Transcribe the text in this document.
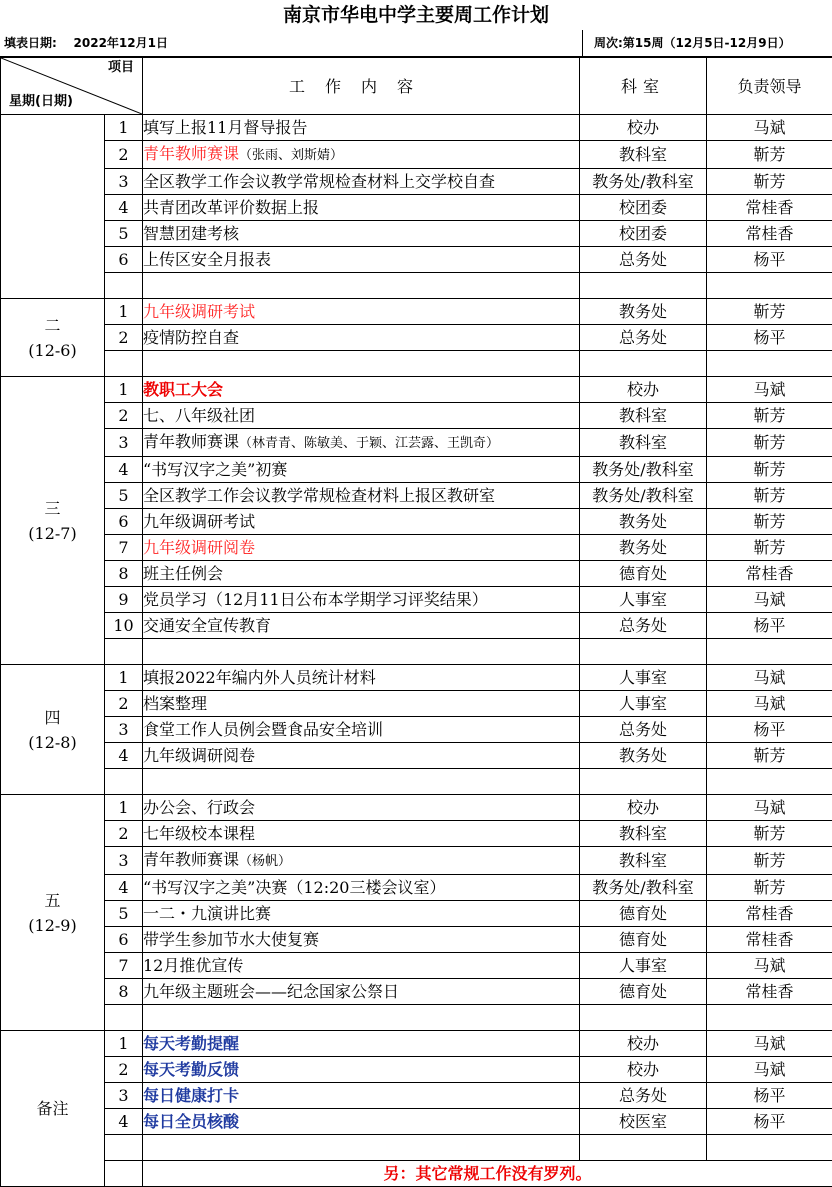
南京市华电中学主要周工作计划
填表日期: 2022年12月1日	周次:第15周（12月5日-12月9日）
项目
星期(日期)		工作内容	科室	负责领导
	1	填写上报11月督导报告	校办	马斌
	2	青年教师赛课（张雨、刘斯婧）	教科室	靳芳
	3	全区教学工作会议教学常规检查材料上交学校自查	教务处/教科室	靳芳
	4	共青团改革评价数据上报	校团委	常桂香
	5	智慧团建考核	校团委	常桂香
	6	上传区安全月报表	总务处	杨平

二
(12-6)	1	九年级调研考试	教务处	靳芳
	2	疫情防控自查	总务处	杨平

三
(12-7)	1	教职工大会	校办	马斌
	2	七、八年级社团	教科室	靳芳
	3	青年教师赛课（林青青、陈敏美、于颖、江芸露、王凯奇）	教科室	靳芳
	4	“书写汉字之美”初赛	教务处/教科室	靳芳
	5	全区教学工作会议教学常规检查材料上报区教研室	教务处/教科室	靳芳
	6	九年级调研考试	教务处	靳芳
	7	九年级调研阅卷	教务处	靳芳
	8	班主任例会	德育处	常桂香
	9	党员学习（12月11日公布本学期学习评奖结果）	人事室	马斌
	10	交通安全宣传教育	总务处	杨平

四
(12-8)	1	填报2022年编内外人员统计材料	人事室	马斌
	2	档案整理	人事室	马斌
	3	食堂工作人员例会暨食品安全培训	总务处	杨平
	4	九年级调研阅卷	教务处	靳芳

五
(12-9)	1	办公会、行政会	校办	马斌
	2	七年级校本课程	教科室	靳芳
	3	青年教师赛课（杨帆）	教科室	靳芳
	4	“书写汉字之美”决赛（12:20三楼会议室）	教务处/教科室	靳芳
	5	一二・九演讲比赛	德育处	常桂香
	6	带学生参加节水大使复赛	德育处	常桂香
	7	12月推优宣传	人事室	马斌
	8	九年级主题班会——纪念国家公祭日	德育处	常桂香

备注	1	每天考勤提醒	校办	马斌
	2	每天考勤反馈	校办	马斌
	3	每日健康打卡	总务处	杨平
	4	每日全员核酸	校医室	杨平

		另：其它常规工作没有罗列。		
